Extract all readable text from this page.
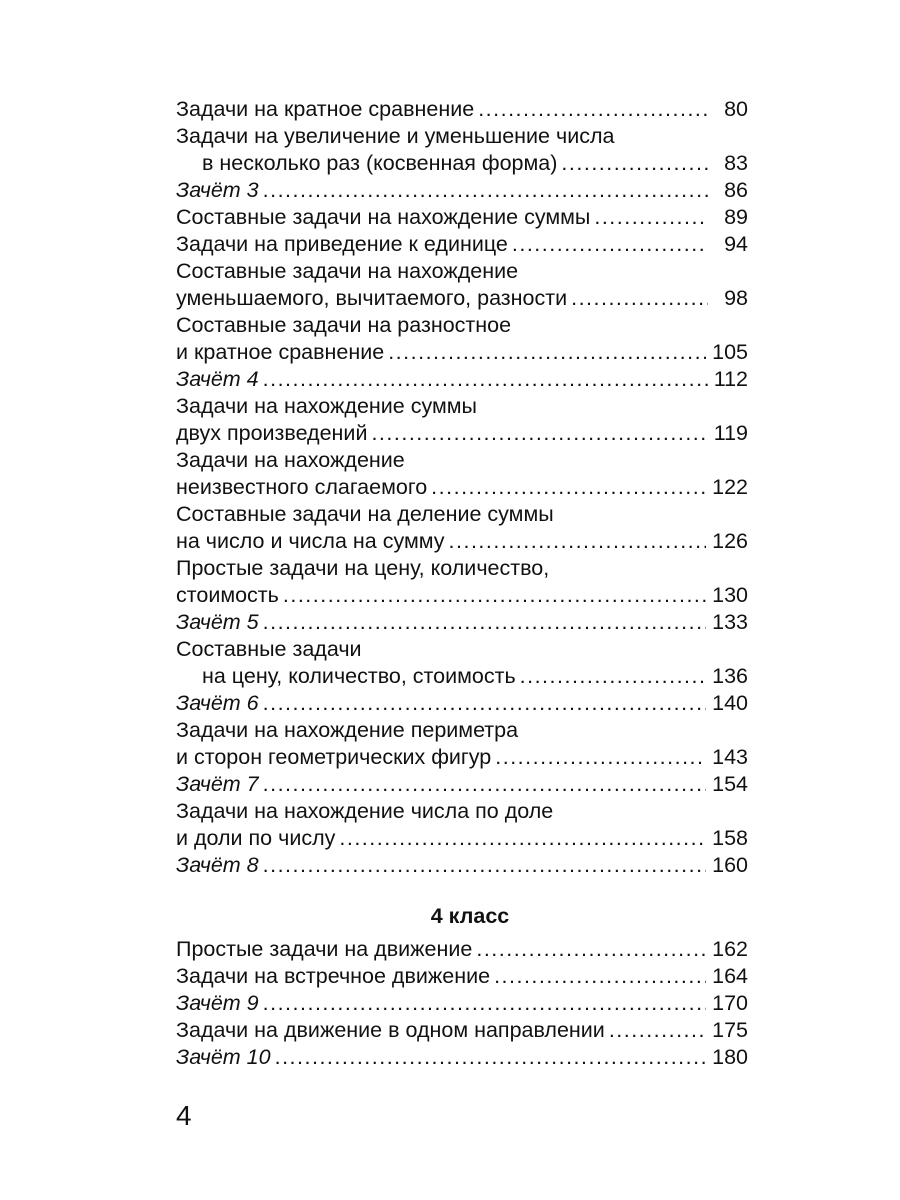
Задачи на кратное сравнение .....	80
Задачи на увеличение и уменьшение числа
в несколько раз (косвенная форма) .....	83
Зачёт 3 .....	86
Составные задачи на нахождение суммы .....	89
Задачи на приведение к единице .....	94
Составные задачи на нахождение
уменьшаемого, вычитаемого, разности .....	98
Составные задачи на разностное
и кратное сравнение .....	105
Зачёт 4 .....	112
Задачи на нахождение суммы
двух произведений .....	119
Задачи на нахождение
неизвестного слагаемого .....	122
Составные задачи на деление суммы
на число и числа на сумму .....	126
Простые задачи на цену, количество,
стоимость .....	130
Зачёт 5 .....	133
Составные задачи
на цену, количество, стоимость .....	136
Зачёт 6 .....	140
Задачи на нахождение периметра
и сторон геометрических фигур .....	143
Зачёт 7 .....	154
Задачи на нахождение числа по доле
и доли по числу .....	158
Зачёт 8 .....	160
4 класс
Простые задачи на движение .....	162
Задачи на встречное движение .....	164
Зачёт 9 .....	170
Задачи на движение в одном направлении .....	175
Зачёт 10 .....	180
4
